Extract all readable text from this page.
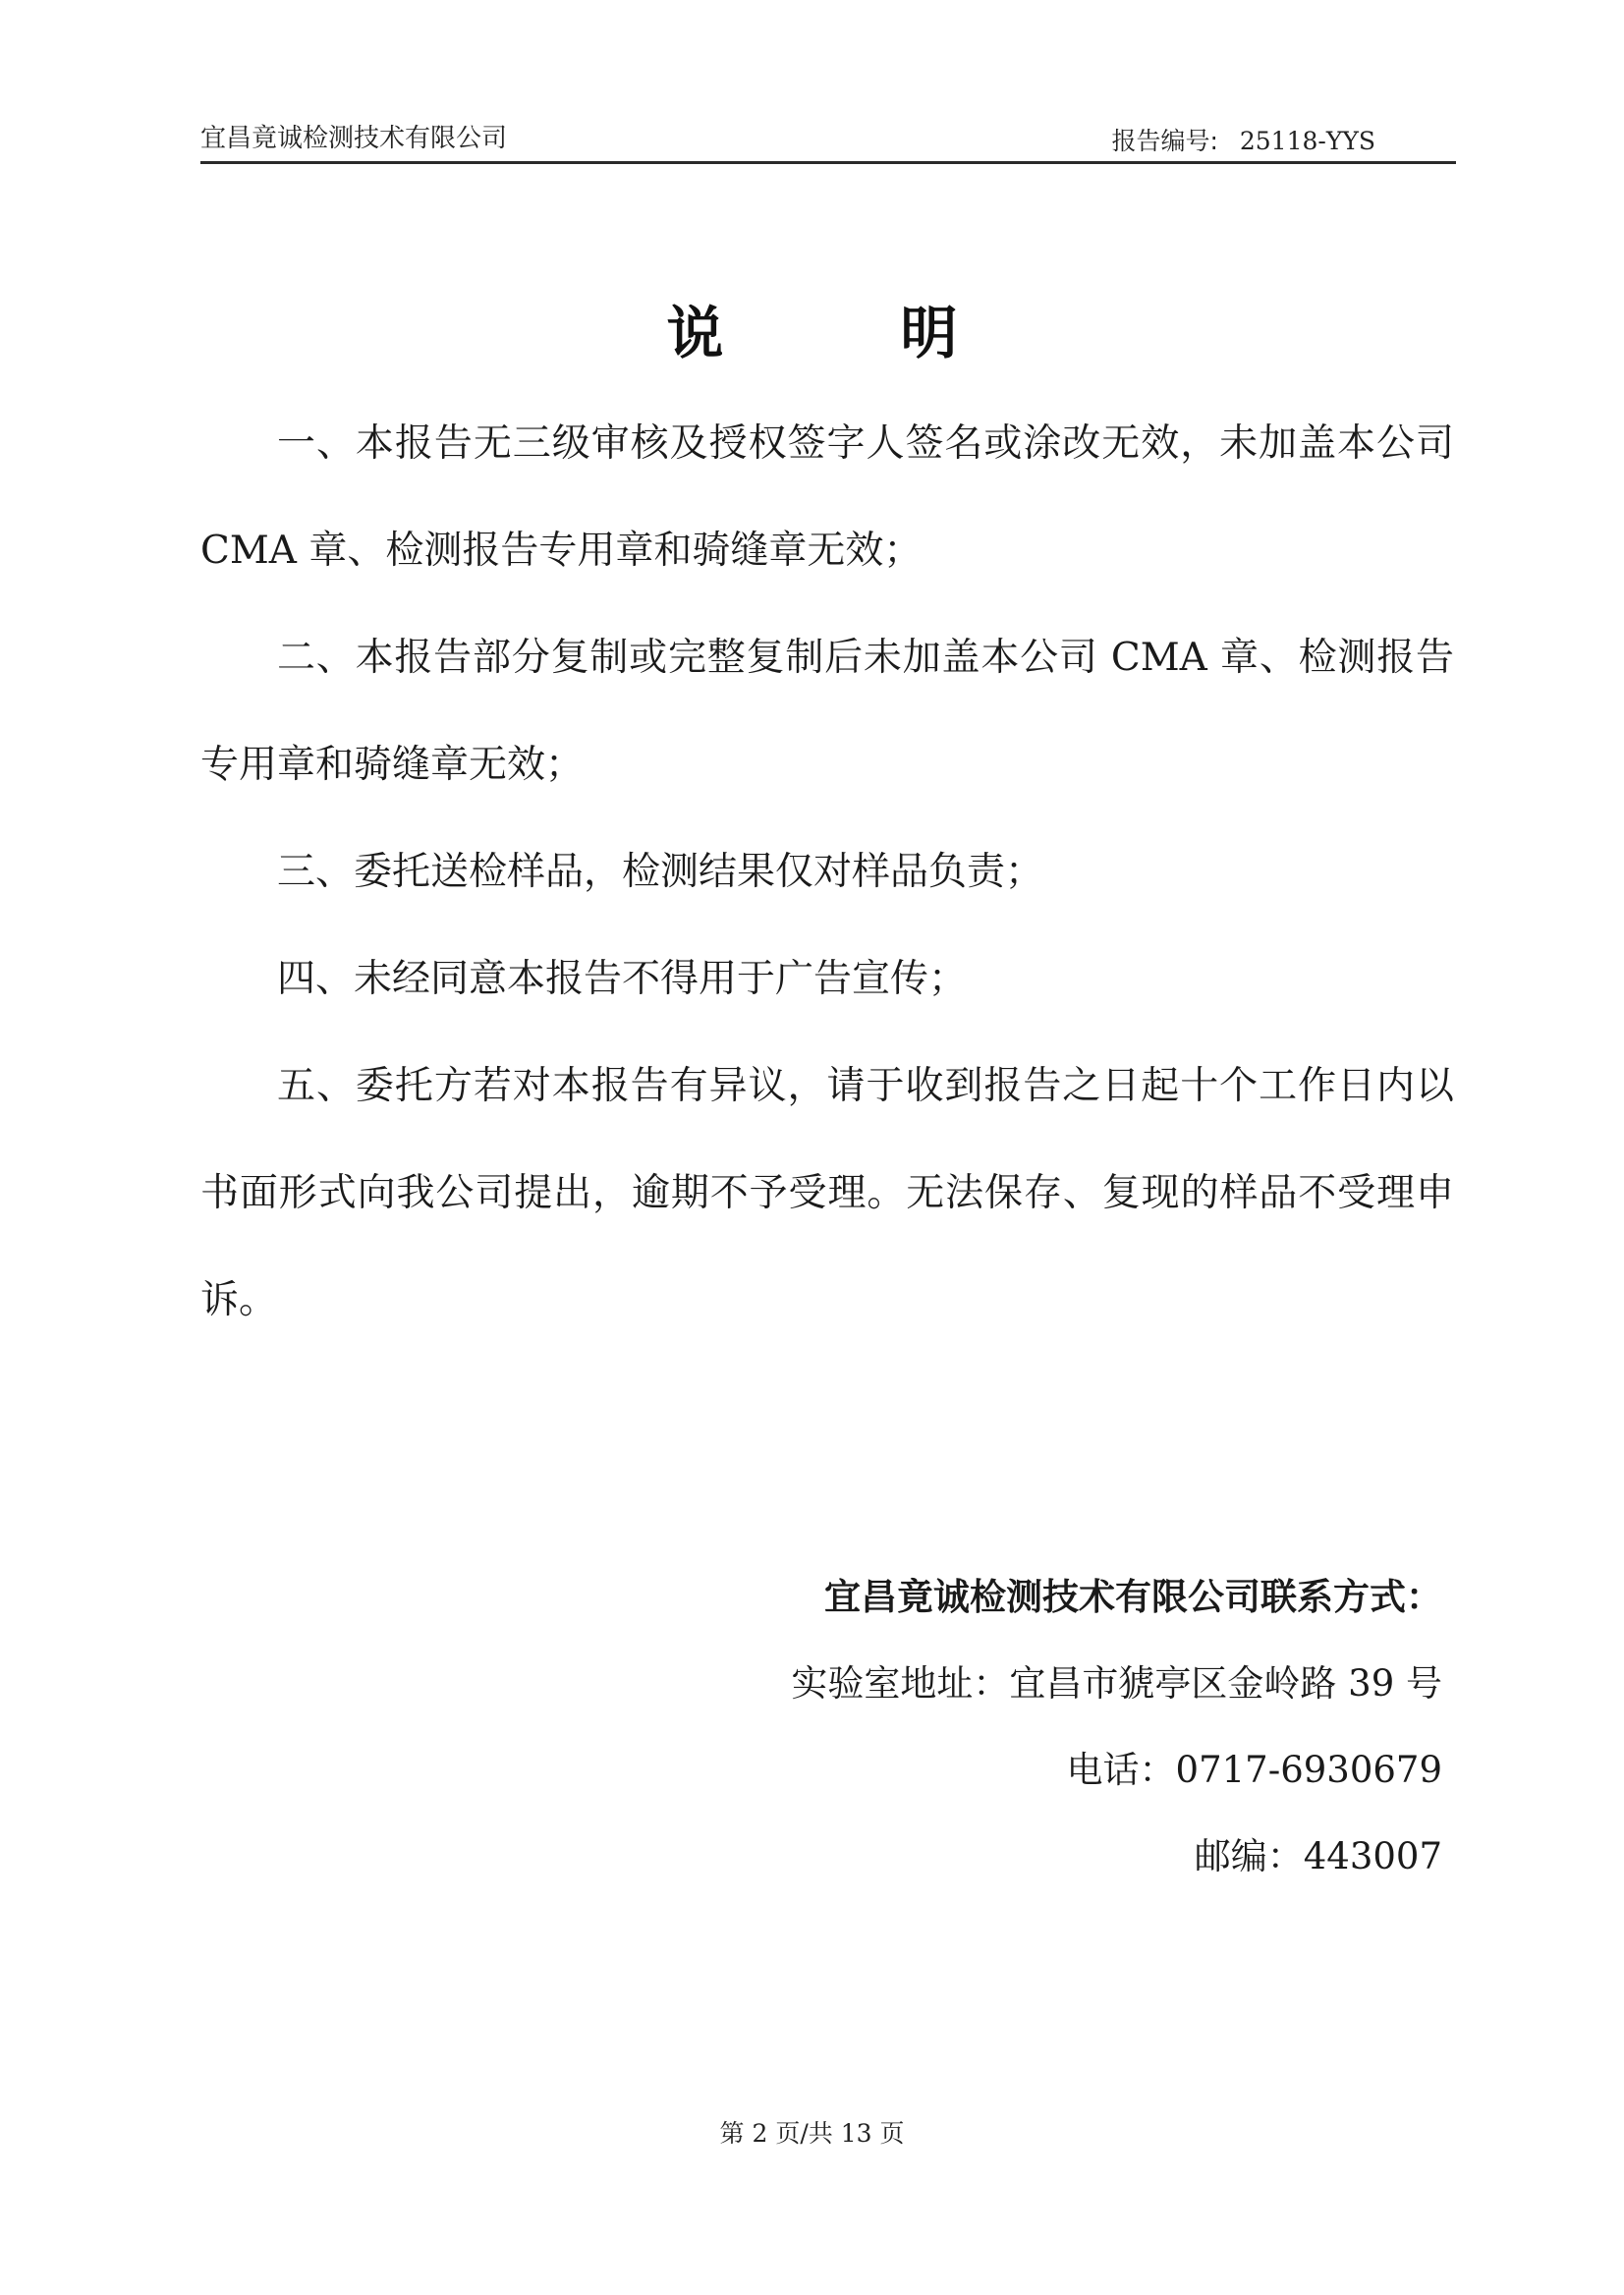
宜昌竟诚检测技术有限公司	报告编号: 25118-YYS
说明

一、本报告无三级审核及授权签字人签名或涂改无效，未加盖本公司 CMA 章、检测报告专用章和骑缝章无效；

二、本报告部分复制或完整复制后未加盖本公司 CMA 章、检测报告专用章和骑缝章无效；

三、委托送检样品，检测结果仅对样品负责；

四、未经同意本报告不得用于广告宣传；

五、委托方若对本报告有异议，请于收到报告之日起十个工作日内以书面形式向我公司提出，逾期不予受理。无法保存、复现的样品不受理申诉。

宜昌竟诚检测技术有限公司联系方式：
实验室地址：宜昌市猇亭区金岭路 39 号
电话：0717-6930679
邮编：443007
第 2 页/共 13 页
